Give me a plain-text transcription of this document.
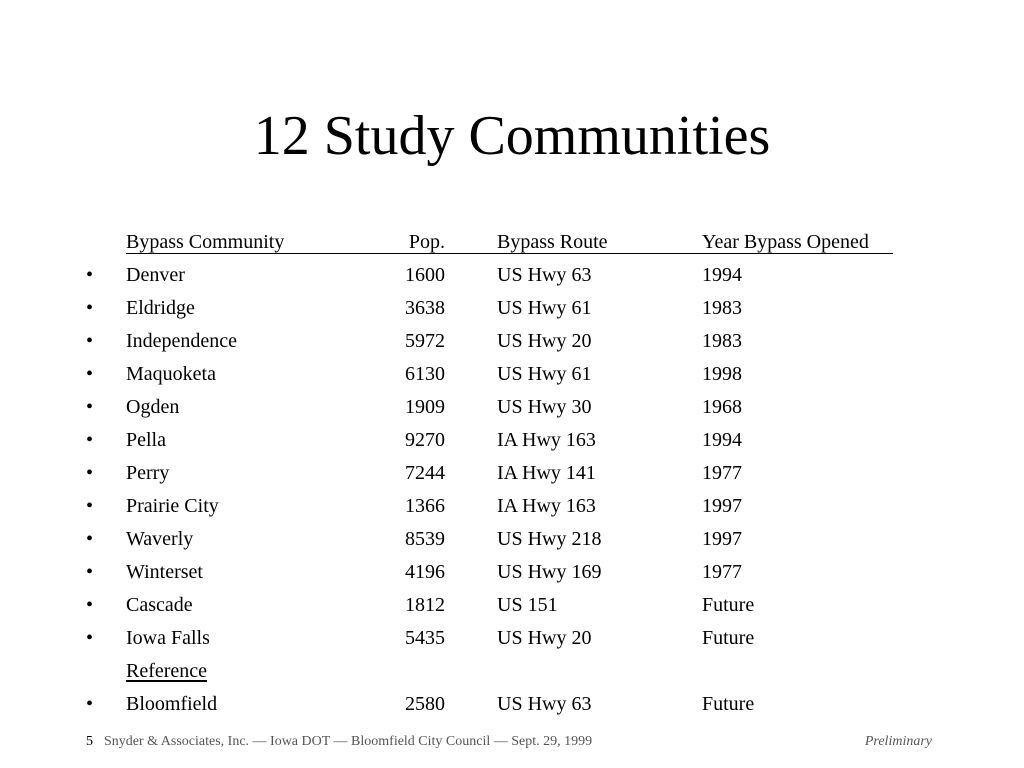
12 Study Communities
Bypass Community	Pop.	Bypass Route	Year Bypass Opened
• Denver	1600	US Hwy 63	1994
• Eldridge	3638	US Hwy 61	1983
• Independence	5972	US Hwy 20	1983
• Maquoketa	6130	US Hwy 61	1998
• Ogden	1909	US Hwy 30	1968
• Pella	9270	IA Hwy 163	1994
• Perry	7244	IA Hwy 141	1977
• Prairie City	1366	IA Hwy 163	1997
• Waverly	8539	US Hwy 218	1997
• Winterset	4196	US Hwy 169	1977
• Cascade	1812	US 151	Future
• Iowa Falls	5435	US Hwy 20	Future
Reference
• Bloomfield	2580	US Hwy 63	Future
5 Snyder & Associates, Inc. — Iowa DOT — Bloomfield City Council — Sept. 29, 1999	Preliminary
